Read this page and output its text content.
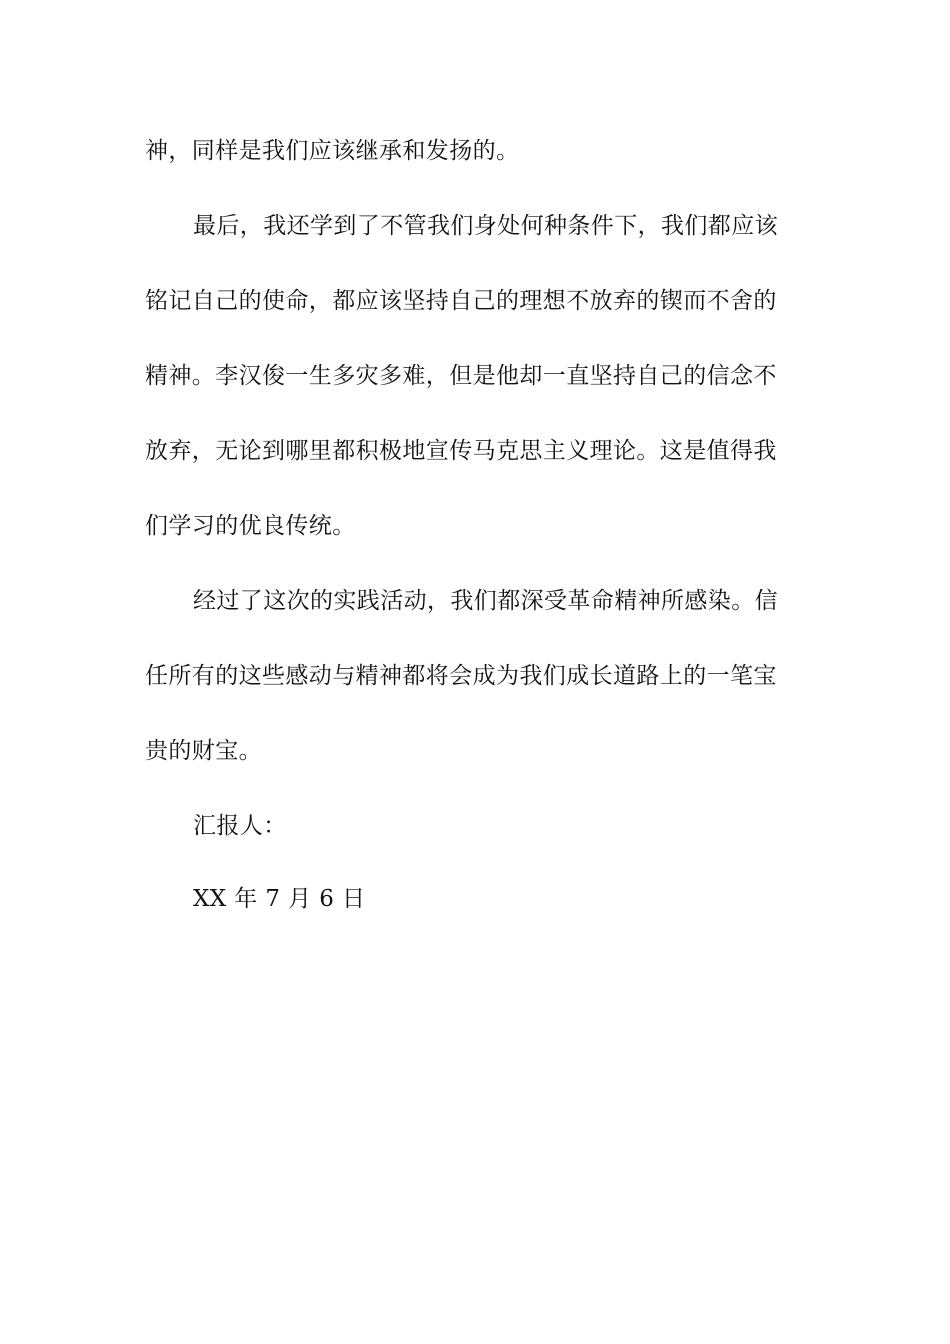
神，同样是我们应该继承和发扬的。
最后，我还学到了不管我们身处何种条件下，我们都应该
铭记自己的使命，都应该坚持自己的理想不放弃的锲而不舍的
精神。李汉俊一生多灾多难，但是他却一直坚持自己的信念不
放弃，无论到哪里都积极地宣传马克思主义理论。这是值得我
们学习的优良传统。
经过了这次的实践活动，我们都深受革命精神所感染。信
任所有的这些感动与精神都将会成为我们成长道路上的一笔宝
贵的财宝。
汇报人：
XX 年 7 月 6 日
